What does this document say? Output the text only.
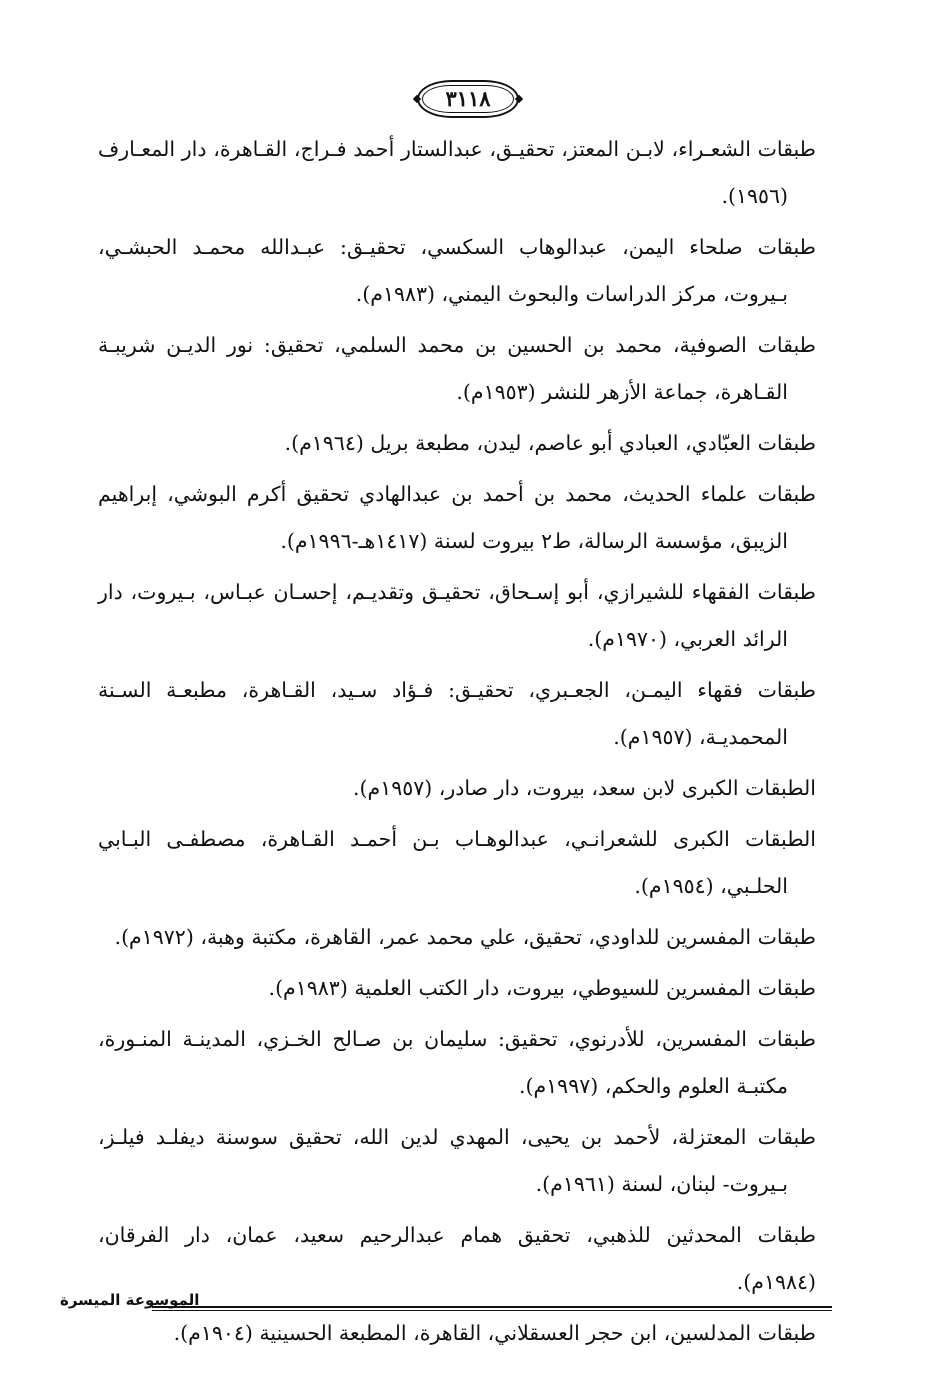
٣١١٨

طبقات الشعـراء، لابـن المعتز، تحقيـق، عبدالستار أحمد فـراج، القـاهرة، دار المعـارف (١٩٥٦).

طبقات صلحاء اليمن، عبدالوهاب السكسي، تحقيـق: عبـدالله محمـد الحبشـي، بـيروت، مركز الدراسات والبحوث اليمني، (١٩٨٣م).

طبقات الصوفية، محمد بن الحسين بن محمد السلمي، تحقيق: نور الديـن شريبـة القـاهرة، جماعة الأزهر للنشر (١٩٥٣م).

طبقات العبّادي، العبادي أبو عاصم، ليدن، مطبعة بريل (١٩٦٤م).

طبقات علماء الحديث، محمد بن أحمد بن عبدالهادي تحقيق أكرم البوشي، إبراهيم الزيبق، مؤسسة الرسالة، ط٢ بيروت لسنة (١٤١٧هـ-١٩٩٦م).

طبقات الفقهاء للشيرازي، أبو إسـحاق، تحقيـق وتقديـم، إحسـان عبـاس، بـيروت، دار الرائد العربي، (١٩٧٠م).

طبقات فقهاء اليمـن، الجعـبري، تحقيـق: فـؤاد سـيد، القـاهرة، مطبعـة السـنة المحمديـة، (١٩٥٧م).

الطبقات الكبرى لابن سعد، بيروت، دار صادر، (١٩٥٧م).

الطبقات الكبرى للشعرانـي، عبدالوهـاب بـن أحمـد القـاهرة، مصطفـى البـابي الحلـبي، (١٩٥٤م).

طبقات المفسرين للداودي، تحقيق، علي محمد عمر، القاهرة، مكتبة وهبة، (١٩٧٢م).

طبقات المفسرين للسيوطي، بيروت، دار الكتب العلمية (١٩٨٣م).

طبقات المفسرين، للأدرنوي، تحقيق: سليمان بن صـالح الخـزي، المدينـة المنـورة، مكتبـة العلوم والحكم، (١٩٩٧م).

طبقات المعتزلة، لأحمد بن يحيى، المهدي لدين الله، تحقيق سوسنة ديفلـد فيلـز، بـيروت- لبنان، لسنة (١٩٦١م).

طبقات المحدثين للذهبي، تحقيق همام عبدالرحيم سعيد، عمان، دار الفرقان، (١٩٨٤م).

طبقات المدلسين، ابن حجر العسقلاني، القاهرة، المطبعة الحسينية (١٩٠٤م).

الموسوعة الميسرة
